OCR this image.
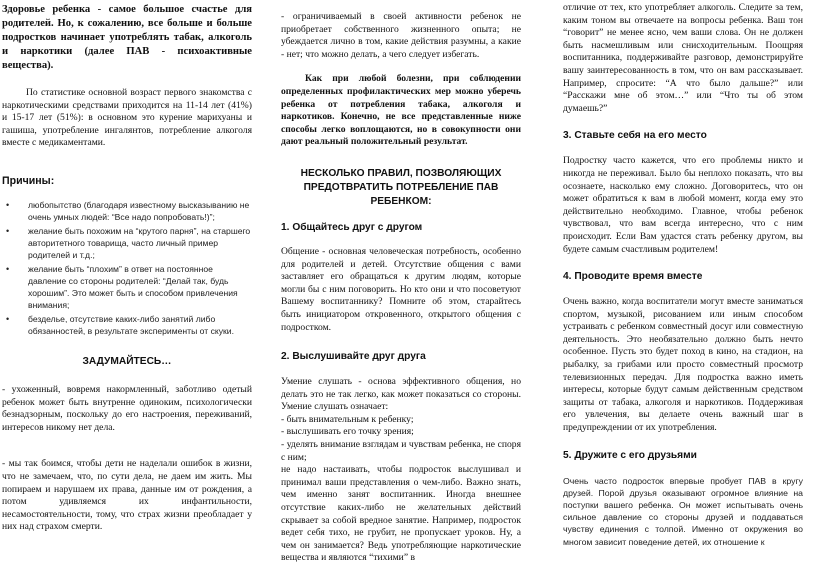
Здоровье ребенка - самое большое счастье для родителей. Но, к сожалению, все больше и больше подростков начинает употреблять табак, алкоголь и наркотики (далее ПАВ - психоактивные вещества).

По статистике основной возраст первого знакомства с наркотическими средствами приходится на 11-14 лет (41%) и 15-17 лет (51%): в основном это курение марихуаны и гашиша, употребление ингалянтов, потребление алкоголя вместе с медикаментами.

Причины:

• любопытство (благодаря известному высказыванию не очень умных людей: “Все надо попробовать!)”;
• желание быть похожим на “крутого парня”, на старшего авторитетного товарища, часто личный пример родителей и т.д.;
• желание быть “плохим” в ответ на постоянное давление со стороны родителей: “Делай так, будь хорошим”. Это может быть и способом привлечения внимания;
• безделье, отсутствие каких-либо занятий либо обязанностей, в результате эксперименты от скуки.

ЗАДУМАЙТЕСЬ…

- ухоженный, вовремя накормленный, заботливо одетый ребенок может быть внутренне одиноким, психологически безнадзорным, поскольку до его настроения, переживаний, интересов никому нет дела.

- мы так боимся, чтобы дети не наделали ошибок в жизни, что не замечаем, что, по сути дела, не даем им жить. Мы попираем и нарушаем их права, данные им от рождения, а потом удивляемся их инфантильности, несамостоятельности, тому, что страх жизни преобладает у них над страхом смерти.

- ограничиваемый в своей активности ребенок не приобретает собственного жизненного опыта; не убеждается лично в том, какие действия разумны, а какие - нет; что можно делать, а чего следует избегать.

Как при любой болезни, при соблюдении определенных профилактических мер можно уберечь ребенка от потребления табака, алкоголя и наркотиков. Конечно, не все представленные ниже способы легко воплощаются, но в совокупности они дают реальный положительный результат.

НЕСКОЛЬКО ПРАВИЛ, ПОЗВОЛЯЮЩИХ ПРЕДОТВРАТИТЬ ПОТРЕБЛЕНИЕ ПАВ РЕБЕНКОМ:

1. Общайтесь друг с другом

Общение - основная человеческая потребность, особенно для родителей и детей. Отсутствие общения с вами заставляет его обращаться к другим людям, которые могли бы с ним поговорить. Но кто они и что посоветуют Вашему воспитаннику? Помните об этом, старайтесь быть инициатором откровенного, открытого общения с подростком.

2. Выслушивайте друг друга

Умение слушать - основа эффективного общения, но делать это не так легко, как может показаться со стороны. Умение слушать означает:

- быть внимательным к ребенку;

- выслушивать его точку зрения;

- уделять внимание взглядам и чувствам ребенка, не споря с ним;

не надо настаивать, чтобы подросток выслушивал и принимал ваши представления о чем-либо. Важно знать, чем именно занят воспитанник. Иногда внешнее отсутствие каких-либо не желательных действий скрывает за собой вредное занятие. Например, подросток ведет себя тихо, не грубит, не пропускает уроков. Ну, а чем он занимается? Ведь употребляющие наркотические вещества и являются “тихими” в

отличие от тех, кто употребляет алкоголь. Следите за тем, каким тоном вы отвечаете на вопросы ребенка. Ваш тон “говорит” не менее ясно, чем ваши слова. Он не должен быть насмешливым или снисходительным. Поощряя воспитанника, поддерживайте разговор, демонстрируйте вашу заинтересованность в том, что он вам рассказывает. Например, спросите: “А что было дальше?” или “Расскажи мне об этом…” или “Что ты об этом думаешь?”

3. Ставьте себя на его место

Подростку часто кажется, что его проблемы никто и никогда не переживал. Было бы неплохо показать, что вы осознаете, насколько ему сложно. Договоритесь, что он может обратиться к вам в любой момент, когда ему это действительно необходимо. Главное, чтобы ребенок чувствовал, что вам всегда интересно, что с ним происходит. Если Вам удастся стать ребенку другом, вы будете самым счастливым родителем!

4. Проводите время вместе

Очень важно, когда воспитатели могут вместе заниматься спортом, музыкой, рисованием или иным способом устраивать с ребенком совместный досуг или совместную деятельность. Это необязательно должно быть нечто особенное. Пусть это будет поход в кино, на стадион, на рыбалку, за грибами или просто совместный просмотр телевизионных передач. Для подростка важно иметь интересы, которые будут самым действенным средством защиты от табака, алкоголя и наркотиков. Поддерживая его увлечения, вы делаете очень важный шаг в предупреждении от их употребления.

5. Дружите с его друзьями

Очень часто подросток впервые пробует ПАВ в кругу друзей. Порой друзья оказывают огромное влияние на поступки вашего ребенка. Он может испытывать очень сильное давление со стороны друзей и поддаваться чувству единения с толпой. Именно от окружения во многом зависит поведение детей, их отношение к
